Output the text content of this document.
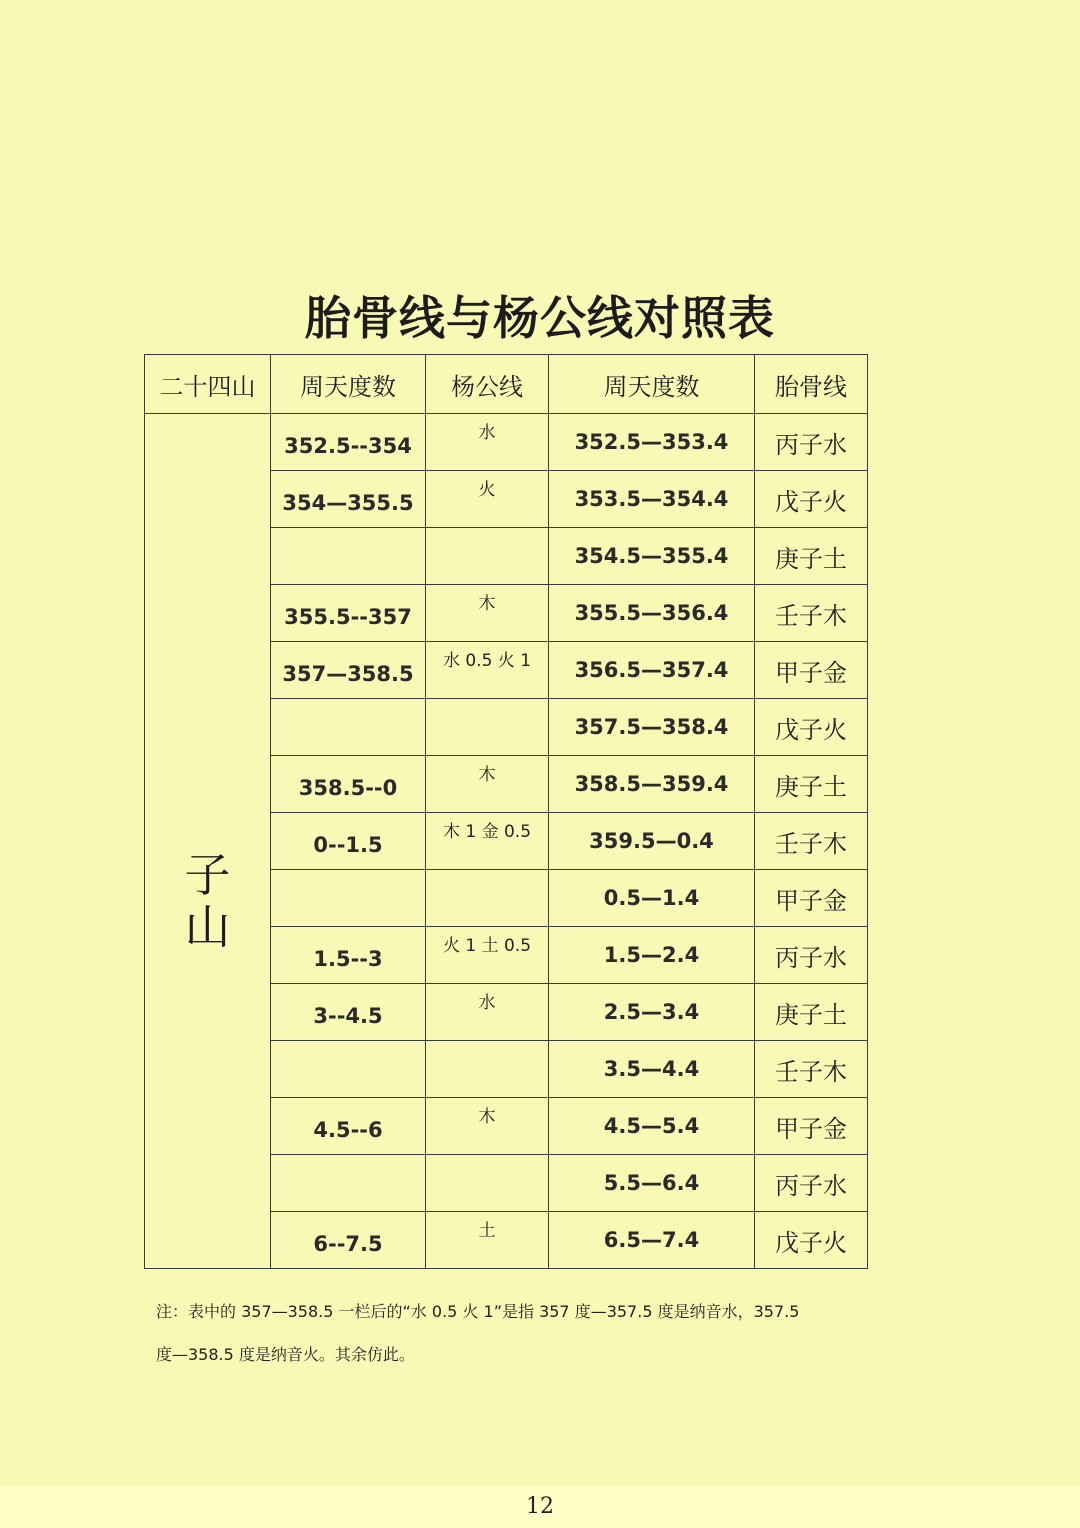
胎骨线与杨公线对照表
二十四山	周天度数	杨公线	周天度数	胎骨线

子
山	352.5--354	水	352.5—353.4	丙子水

	354—355.5	火	353.5—354.4	戊子火

			354.5—355.4	庚子土

	355.5--357	木	355.5—356.4	壬子木

	357—358.5	水 0.5 火 1	356.5—357.4	甲子金

			357.5—358.4	戊子火

	358.5--0	木	358.5—359.4	庚子土

	0--1.5	木 1 金 0.5	359.5—0.4	壬子木

			0.5—1.4	甲子金

	1.5--3	火 1 土 0.5	1.5—2.4	丙子水

	3--4.5	水	2.5—3.4	庚子土

			3.5—4.4	壬子木

	4.5--6	木	4.5—5.4	甲子金

			5.5—6.4	丙子水

	6--7.5	土	6.5—7.4	戊子火
注：表中的 357—358.5 一栏后的“水 0.5 火 1”是指 357 度—357.5 度是纳音水，357.5
度—358.5 度是纳音火。其余仿此。
12
